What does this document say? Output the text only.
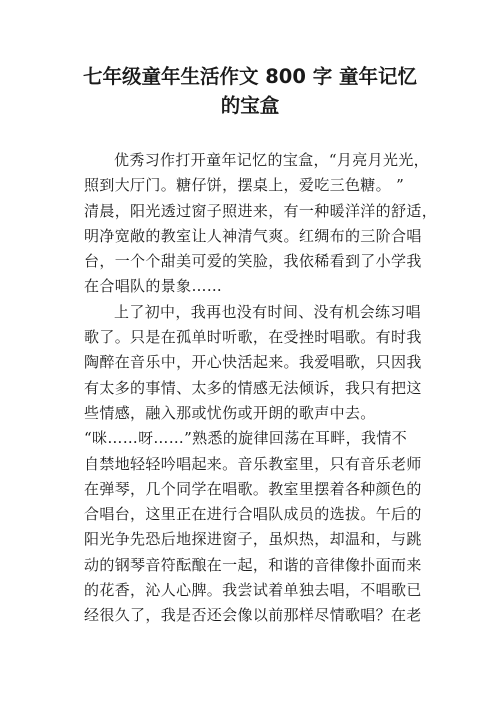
七年级童年生活作文 800 字 童年记忆
的宝盒
优秀习作打开童年记忆的宝盒，“月亮月光光，
照到大厅门。糖仔饼，摆桌上，爱吃三色糖。 ”
清晨，阳光透过窗子照进来，有一种暖洋洋的舒适，
明净宽敞的教室让人神清气爽。红绸布的三阶合唱
台，一个个甜美可爱的笑脸，我依稀看到了小学我
在合唱队的景象……
上了初中，我再也没有时间、没有机会练习唱
歌了。只是在孤单时听歌，在受挫时唱歌。有时我
陶醉在音乐中，开心快活起来。我爱唱歌，只因我
有太多的事情、太多的情感无法倾诉，我只有把这
些情感，融入那或忧伤或开朗的歌声中去。
“咪……呀……”熟悉的旋律回荡在耳畔，我情不
自禁地轻轻吟唱起来。音乐教室里，只有音乐老师
在弹琴，几个同学在唱歌。教室里摆着各种颜色的
合唱台，这里正在进行合唱队成员的选拔。午后的
阳光争先恐后地探进窗子，虽炽热，却温和，与跳
动的钢琴音符酝酿在一起，和谐的音律像扑面而来
的花香，沁人心脾。我尝试着单独去唱，不唱歌已
经很久了，我是否还会像以前那样尽情歌唱？在老
